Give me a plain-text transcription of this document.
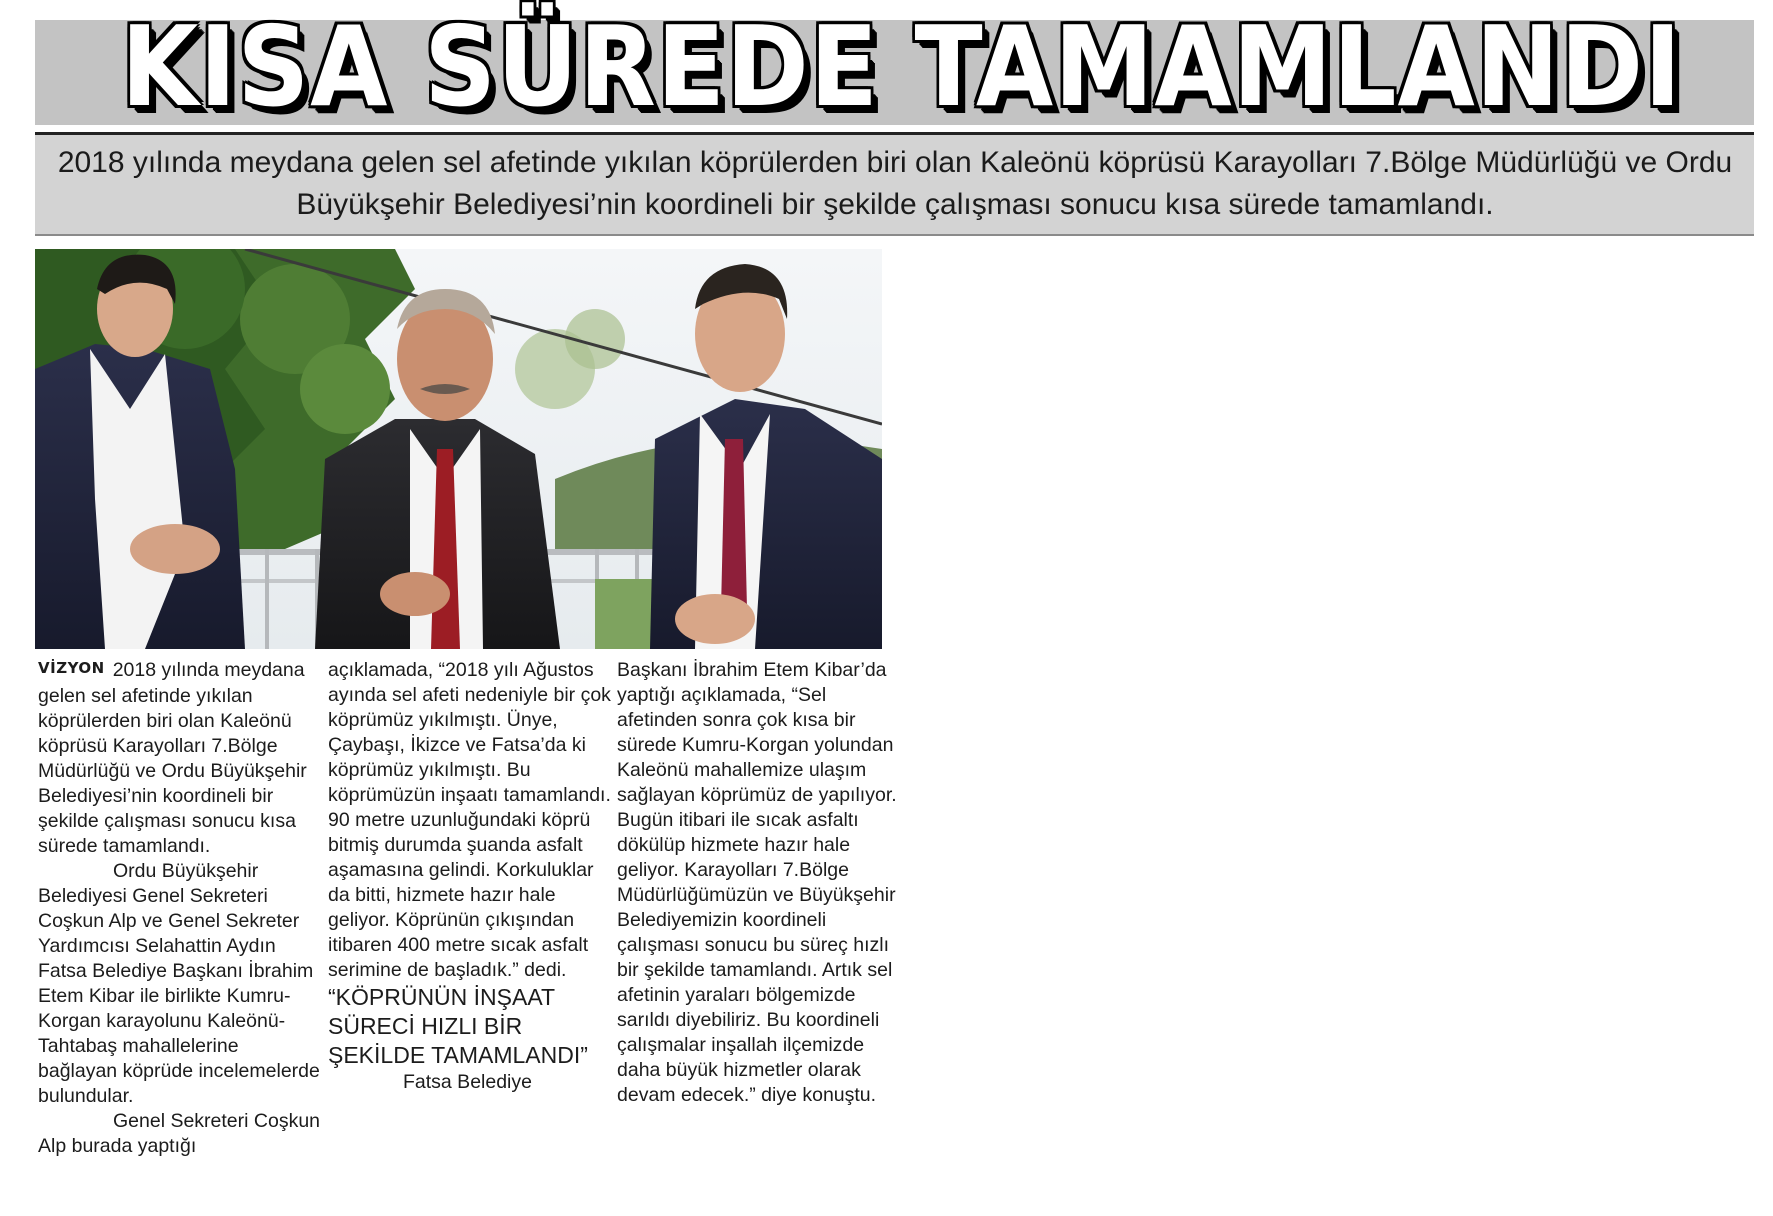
KISA SÜREDE TAMAMLANDI

2018 yılında meydana gelen sel afetinde yıkılan köprülerden biri olan Kaleönü köprüsü Karayolları 7.Bölge Müdürlüğü ve Ordu Büyükşehir Belediyesi’nin koordineli bir şekilde çalışması sonucu kısa sürede tamamlandı.

VİZYON 2018 yılında meydana gelen sel afetinde yıkılan köprülerden biri olan Kaleönü köprüsü Karayolları 7.Bölge Müdürlüğü ve Ordu Büyükşehir Belediyesi’nin koordineli bir şekilde çalışması sonucu kısa sürede tamamlandı.

Ordu Büyükşehir Belediyesi Genel Sekreteri Coşkun Alp ve Genel Sekreter Yardımcısı Selahattin Aydın Fatsa Belediye Başkanı İbrahim Etem Kibar ile birlikte Kumru-Korgan karayolunu Kaleönü-Tahtabaş mahallelerine bağlayan köprüde incelemelerde bulundular.

Genel Sekreteri Coşkun Alp burada yaptığı

açıklamada, “2018 yılı Ağustos ayında sel afeti nedeniyle bir çok köprümüz yıkılmıştı. Ünye, Çaybaşı, İkizce ve Fatsa’da ki köprümüz yıkılmıştı. Bu köprümüzün inşaatı tamamlandı. 90 metre uzunluğundaki köprü bitmiş durumda şuanda asfalt aşamasına gelindi. Korkuluklar da bitti, hizmete hazır hale geliyor. Köprünün çıkışından itibaren 400 metre sıcak asfalt serimine de başladık.” dedi.

“KÖPRÜNÜN İNŞAAT SÜRECİ HIZLI BİR ŞEKİLDE TAMAMLANDI”

Fatsa Belediye

Başkanı İbrahim Etem Kibar’da yaptığı açıklamada, “Sel afetinden sonra çok kısa bir sürede Kumru-Korgan yolundan Kaleönü mahallemize ulaşım sağlayan köprümüz de yapılıyor. Bugün itibari ile sıcak asfaltı dökülüp hizmete hazır hale geliyor. Karayolları 7.Bölge Müdürlüğümüzün ve Büyükşehir Belediyemizin koordineli çalışması sonucu bu süreç hızlı bir şekilde tamamlandı. Artık sel afetinin yaraları bölgemizde sarıldı diyebiliriz. Bu koordineli çalışmalar inşallah ilçemizde daha büyük hizmetler olarak devam edecek.” diye konuştu.
